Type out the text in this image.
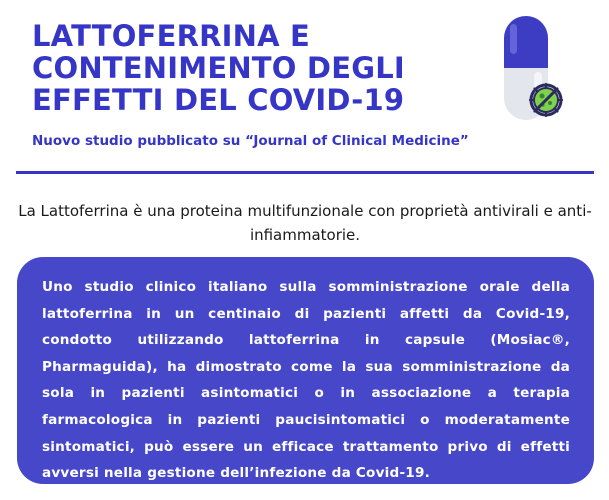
LATTOFERRINA E CONTENIMENTO DEGLI EFFETTI DEL COVID-19
Nuovo studio pubblicato su “Journal of Clinical Medicine”
La Lattoferrina è una proteina multifunzionale con proprietà antivirali e anti-infiammatorie.

Uno studio clinico italiano sulla somministrazione orale della lattoferrina in un centinaio di pazienti affetti da Covid-19, condotto utilizzando lattoferrina in capsule (Mosiac®, Pharmaguida), ha dimostrato come la sua somministrazione da sola in pazienti asintomatici o in associazione a terapia farmacologica in pazienti paucisintomatici o moderatamente sintomatici, può essere un efficace trattamento privo di effetti avversi nella gestione dell’infezione da Covid-19.
